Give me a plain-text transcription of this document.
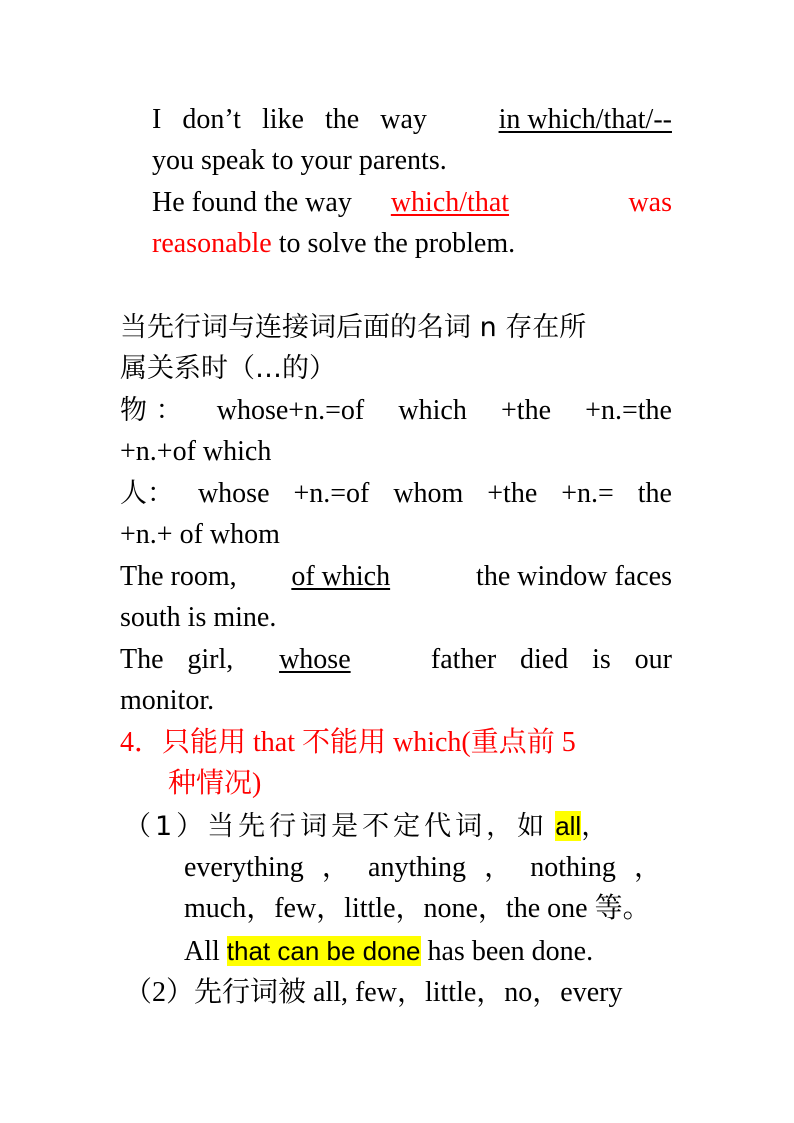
I don’t like the way	in which/that/--
you speak to your parents.
He found the way which/that	was
reasonable to solve the problem.
当先行词与连接词后面的名词 n 存在所
属关系时（…的）
物 ： whose+n.=of which +the +n.=the
+n.+of which
人： whose +n.=of whom +the +n.= the
+n.+ of whom
The room,	of which	the window faces
south is mine.
The girl,	whose	father died is our
monitor.
4．只能用 that 不能用 which(重点前 5
种情况)
（1）当先行词是不定代词，如 all，
everything ， anything ， nothing ，
much，few，little，none，the one 等。
All that can be done has been done.
（2）先行词被 all, few，little，no，every
